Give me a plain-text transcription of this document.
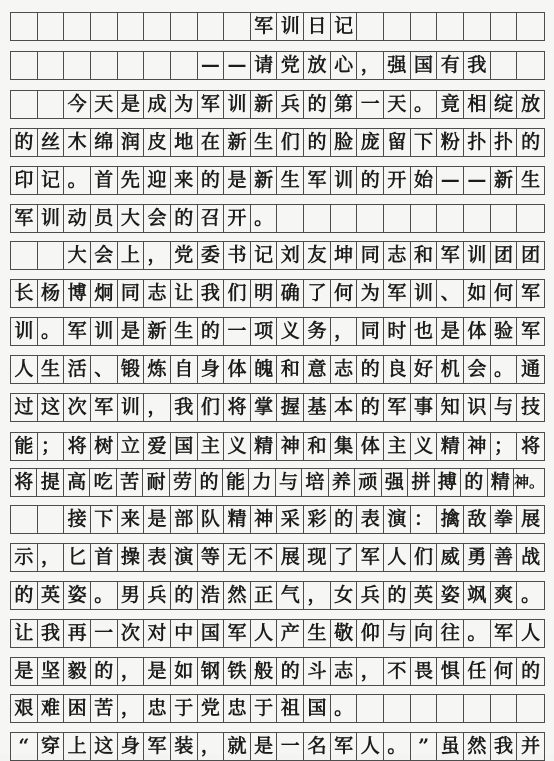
军 训 日 记
— — 请 党 放 心 ， 强 国 有 我
今 天 是 成 为 军 训 新 兵 的 第 一 天 。 竟 相 绽 放
的 丝 木 绵 润 皮 地 在 新 生 们 的 脸 庞 留 下 粉 扑 扑 的
印 记 。 首 先 迎 来 的 是 新 生 军 训 的 开 始 — — 新 生
军 训 动 员 大 会 的 召 开 。
大 会 上 ， 党 委 书 记 刘 友 坤 同 志 和 军 训 团 团
长 杨 博 炯 同 志 让 我 们 明 确 了 何 为 军 训 、 如 何 军
训 。 军 训 是 新 生 的 一 项 义 务 ， 同 时 也 是 体 验 军
人 生 活 、 锻 炼 自 身 体 魄 和 意 志 的 良 好 机 会 。 通
过 这 次 军 训 ， 我 们 将 掌 握 基 本 的 军 事 知 识 与 技
能 ； 将 树 立 爱 国 主 义 精 神 和 集 体 主 义 精 神 ； 将
将 提 高 吃 苦 耐 劳 的 能 力 与 培 养 顽 强 拼 搏 的 精 神。
接 下 来 是 部 队 精 神 采 彩 的 表 演 ： 擒 敌 拳 展
示 ， 匕 首 操 表 演 等 无 不 展 现 了 军 人 们 威 勇 善 战
的 英 姿 。 男 兵 的 浩 然 正 气 ， 女 兵 的 英 姿 飒 爽 。
让 我 再 一 次 对 中 国 军 人 产 生 敬 仰 与 向 往 。 军 人
是 坚 毅 的 ， 是 如 钢 铁 般 的 斗 志 ， 不 畏 惧 任 何 的
艰 难 困 苦 ， 忠 于 党 忠 于 祖 国 。
“ 穿 上 这 身 军 装 ， 就 是 一 名 军 人 。 ” 虽 然 我 并
